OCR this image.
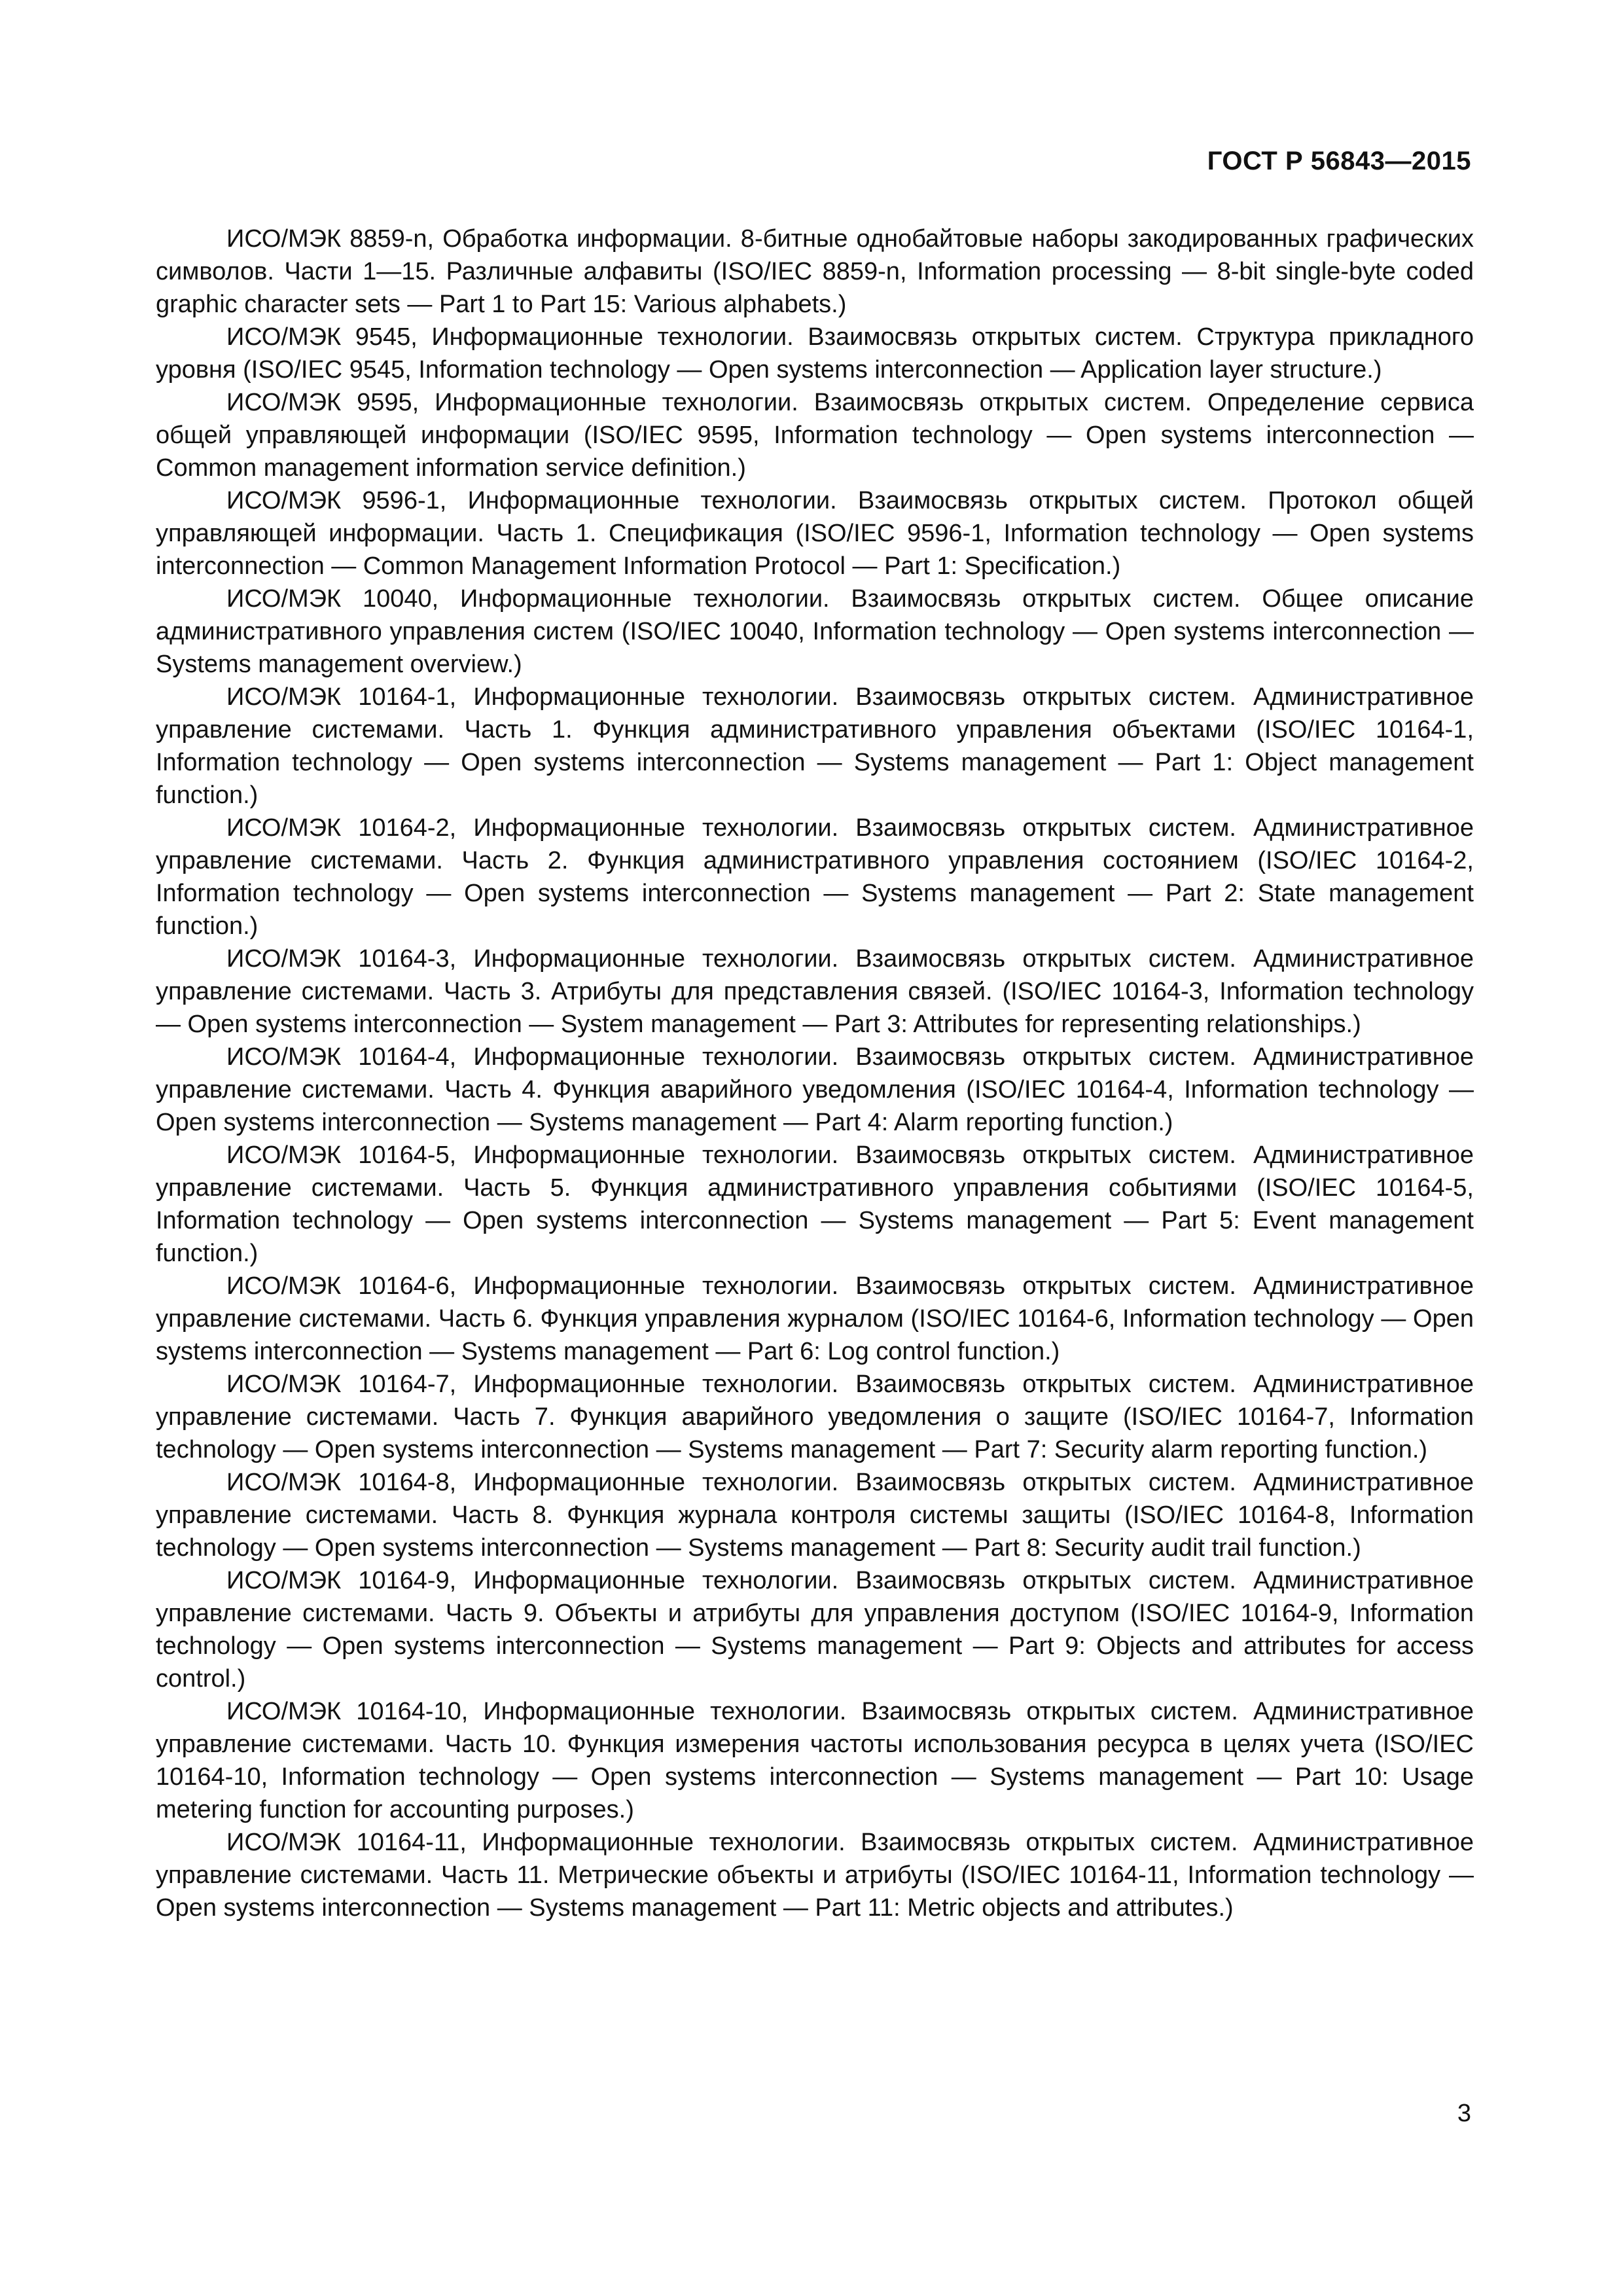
ГОСТ Р 56843—2015

ИСО/МЭК 8859-n, Обработка информации. 8-битные однобайтовые наборы закодированных графических символов. Части 1—15. Различные алфавиты (ISO/IEC 8859-n, Information processing — 8-bit single-byte coded graphic character sets — Part 1 to Part 15: Various alphabets.)

ИСО/МЭК 9545, Информационные технологии. Взаимосвязь открытых систем. Структура прикладного уровня (ISO/IEC 9545, Information technology — Open systems interconnection — Application layer structure.)

ИСО/МЭК 9595, Информационные технологии. Взаимосвязь открытых систем. Определение сервиса общей управляющей информации (ISO/IEC 9595, Information technology — Open systems interconnection — Common management information service definition.)

ИСО/МЭК 9596-1, Информационные технологии. Взаимосвязь открытых систем. Протокол общей управляющей информации. Часть 1. Спецификация (ISO/IEC 9596-1, Information technology — Open systems interconnection — Common Management Information Protocol — Part 1: Specification.)

ИСО/МЭК 10040, Информационные технологии. Взаимосвязь открытых систем. Общее описание административного управления систем (ISO/IEC 10040, Information technology — Open systems interconnection — Systems management overview.)

ИСО/МЭК 10164-1, Информационные технологии. Взаимосвязь открытых систем. Административное управление системами. Часть 1. Функция административного управления объектами (ISO/IEC 10164-1, Information technology — Open systems interconnection — Systems management — Part 1: Object management function.)

ИСО/МЭК 10164-2, Информационные технологии. Взаимосвязь открытых систем. Административное управление системами. Часть 2. Функция административного управления состоянием (ISO/IEC 10164-2, Information technology — Open systems interconnection — Systems management — Part 2: State management function.)

ИСО/МЭК 10164-3, Информационные технологии. Взаимосвязь открытых систем. Административное управление системами. Часть 3. Атрибуты для представления связей. (ISO/IEC 10164-3, Information technology — Open systems interconnection — System management — Part 3: Attributes for representing relationships.)

ИСО/МЭК 10164-4, Информационные технологии. Взаимосвязь открытых систем. Административное управление системами. Часть 4. Функция аварийного уведомления (ISO/IEC 10164-4, Information technology — Open systems interconnection — Systems management — Part 4: Alarm reporting function.)

ИСО/МЭК 10164-5, Информационные технологии. Взаимосвязь открытых систем. Административное управление системами. Часть 5. Функция административного управления событиями (ISO/IEC 10164-5, Information technology — Open systems interconnection — Systems management — Part 5: Event management function.)

ИСО/МЭК 10164-6, Информационные технологии. Взаимосвязь открытых систем. Административное управление системами. Часть 6. Функция управления журналом (ISO/IEC 10164-6, Information technology — Open systems interconnection — Systems management — Part 6: Log control function.)

ИСО/МЭК 10164-7, Информационные технологии. Взаимосвязь открытых систем. Административное управление системами. Часть 7. Функция аварийного уведомления о защите (ISO/IEC 10164-7, Information technology — Open systems interconnection — Systems management — Part 7: Security alarm reporting function.)

ИСО/МЭК 10164-8, Информационные технологии. Взаимосвязь открытых систем. Административное управление системами. Часть 8. Функция журнала контроля системы защиты (ISO/IEC 10164-8, Information technology — Open systems interconnection — Systems management — Part 8: Security audit trail function.)

ИСО/МЭК 10164-9, Информационные технологии. Взаимосвязь открытых систем. Административное управление системами. Часть 9. Объекты и атрибуты для управления доступом (ISO/IEC 10164-9, Information technology — Open systems interconnection — Systems management — Part 9: Objects and attributes for access control.)

ИСО/МЭК 10164-10, Информационные технологии. Взаимосвязь открытых систем. Административное управление системами. Часть 10. Функция измерения частоты использования ресурса в целях учета (ISO/IEC 10164-10, Information technology — Open systems interconnection — Systems management — Part 10: Usage metering function for accounting purposes.)

ИСО/МЭК 10164-11, Информационные технологии. Взаимосвязь открытых систем. Административное управление системами. Часть 11. Метрические объекты и атрибуты (ISO/IEC 10164-11, Information technology — Open systems interconnection — Systems management — Part 11: Metric objects and attributes.)

3
